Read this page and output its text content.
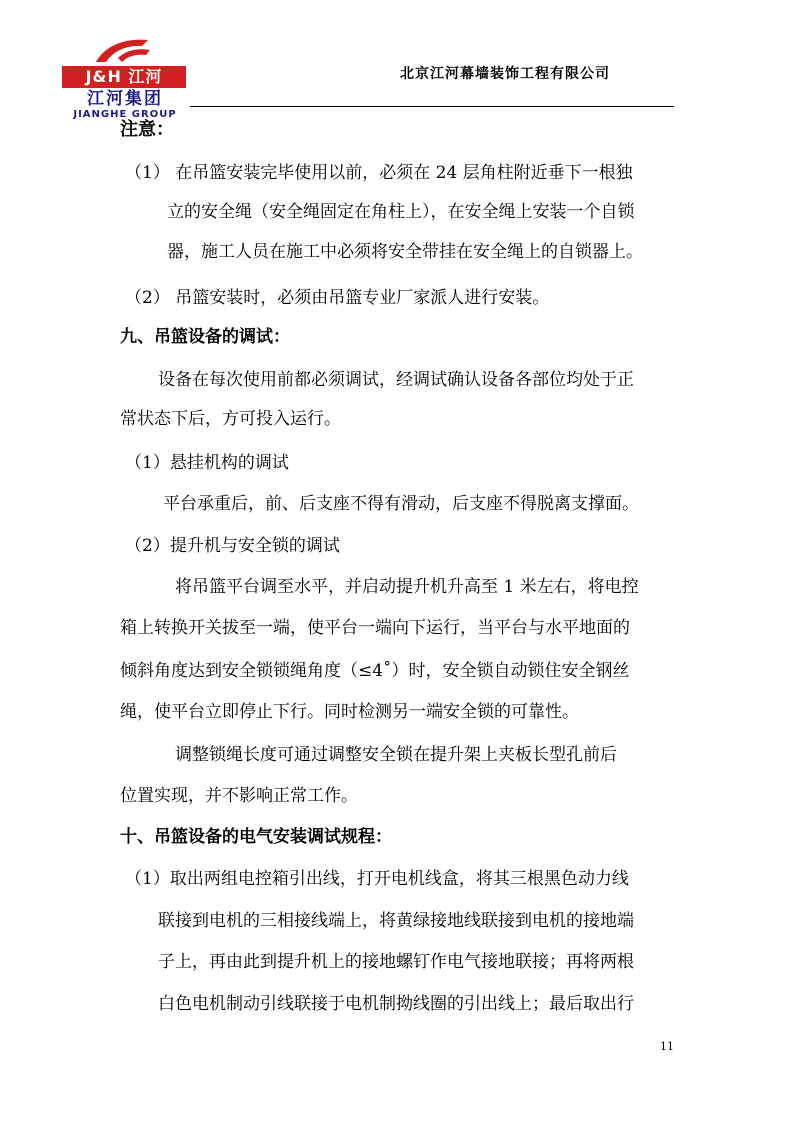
J&H 江河
江河集团
JIANGHE GROUP
北京江河幕墙装饰工程有限公司
注意：
（1） 在吊篮安装完毕使用以前，必须在 24 层角柱附近垂下一根独
立的安全绳（安全绳固定在角柱上），在安全绳上安装一个自锁
器，施工人员在施工中必须将安全带挂在安全绳上的自锁器上。
（2） 吊篮安装时，必须由吊篮专业厂家派人进行安装。
九、吊篮设备的调试：
设备在每次使用前都必须调试，经调试确认设备各部位均处于正
常状态下后，方可投入运行。
（1）悬挂机构的调试
平台承重后，前、后支座不得有滑动，后支座不得脱离支撑面。
（2）提升机与安全锁的调试
将吊篮平台调至水平，并启动提升机升高至 1 米左右，将电控
箱上转换开关拔至一端，使平台一端向下运行，当平台与水平地面的
倾斜角度达到安全锁锁绳角度（≤4˚）时，安全锁自动锁住安全钢丝
绳，使平台立即停止下行。同时检测另一端安全锁的可靠性。
调整锁绳长度可通过调整安全锁在提升架上夹板长型孔前后
位置实现，并不影响正常工作。
十、吊篮设备的电气安装调试规程：
（1）取出两组电控箱引出线，打开电机线盒，将其三根黑色动力线
联接到电机的三相接线端上，将黄绿接地线联接到电机的接地端
子上，再由此到提升机上的接地螺钉作电气接地联接；再将两根
白色电机制动引线联接于电机制拗线圈的引出线上；最后取出行
11
